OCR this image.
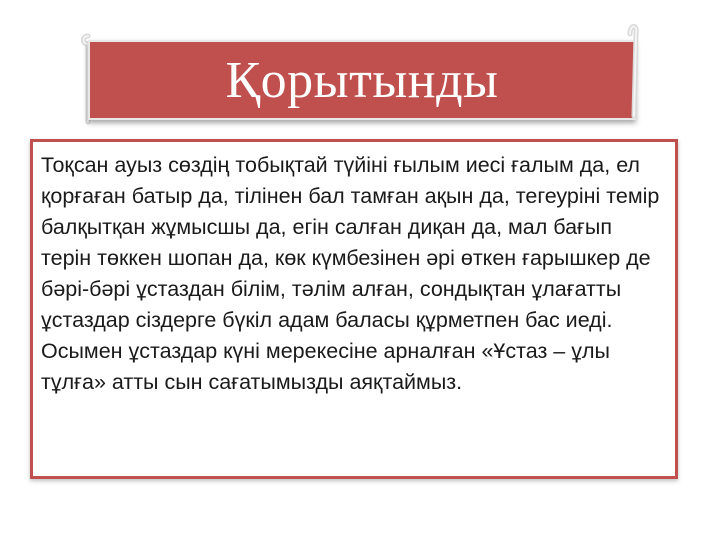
Қорытынды

Тоқсан ауыз сөздің тобықтай түйіні ғылым иесі ғалым да, ел қорғаған батыр да, тілінен бал тамған ақын да, тегеуріні темір балқытқан жұмысшы да, егін салған диқан да, мал бағып терін төккен шопан да, көк күмбезінен әрі өткен ғарышкер де бәрі-бәрі ұстаздан білім, тәлім алған, сондықтан ұлағатты ұстаздар сіздерге бүкіл адам баласы құрметпен бас иеді. Осымен ұстаздар күні мерекесіне арналған «Ұстаз – ұлы тұлға» атты сын сағатымызды аяқтаймыз.
